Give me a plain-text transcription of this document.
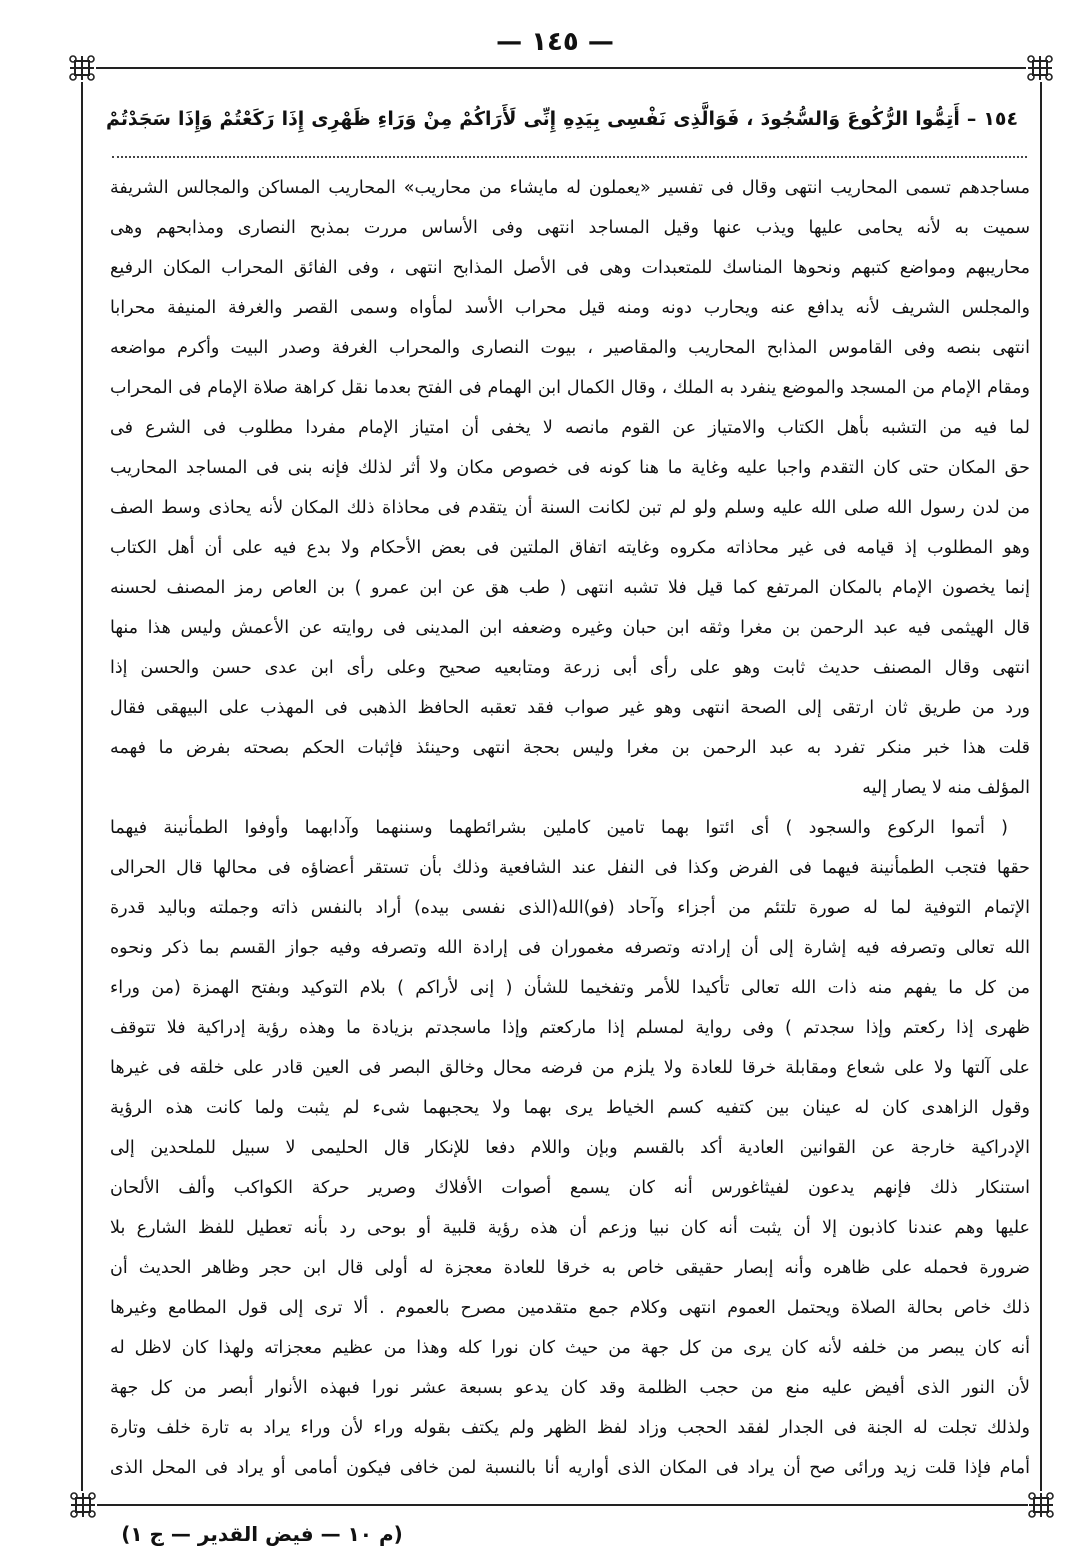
— ١٤٥ —
١٥٤ – أَتِمُّوا الرُّكُوعَ وَالسُّجُودَ ، فَوَالَّذِى نَفْسِى بِيَدِهِ إِنِّى لَأَرَاكُمْ مِنْ وَرَاءِ ظَهْرِى إِذَا رَكَعْتُمْ وَإِذَا سَجَدْتُمْ
مساجدهم تسمى المحاريب انتهى وقال فى تفسير «يعملون له مايشاء من محاريب» المحاريب المساكن والمجالس الشريفة
سميت به لأنه يحامى عليها ويذب عنها وقيل المساجد انتهى وفى الأساس مررت بمذبح النصارى ومذابحهم وهى
محاريبهم ومواضع كتبهم ونحوها المناسك للمتعبدات وهى فى الأصل المذابح انتهى ، وفى الفائق المحراب المكان الرفيع
والمجلس الشريف لأنه يدافع عنه ويحارب دونه ومنه قيل محراب الأسد لمأواه وسمى القصر والغرفة المنيفة محرابا
انتهى بنصه وفى القاموس المذابح المحاريب والمقاصير ، بيوت النصارى والمحراب الغرفة وصدر البيت وأكرم مواضعه
ومقام الإمام من المسجد والموضع ينفرد به الملك ، وقال الكمال ابن الهمام فى الفتح بعدما نقل كراهة صلاة الإمام فى المحراب
لما فيه من التشبه بأهل الكتاب والامتياز عن القوم مانصه لا يخفى أن امتياز الإمام مفردا مطلوب فى الشرع فى
حق المكان حتى كان التقدم واجبا عليه وغاية ما هنا كونه فى خصوص مكان ولا أثر لذلك فإنه بنى فى المساجد المحاريب
من لدن رسول الله صلى الله عليه وسلم ولو لم تبن لكانت السنة أن يتقدم فى محاذاة ذلك المكان لأنه يحاذى وسط الصف
وهو المطلوب إذ قيامه فى غير محاذاته مكروه وغايته اتفاق الملتين فى بعض الأحكام ولا بدع فيه على أن أهل الكتاب
إنما يخصون الإمام بالمكان المرتفع كما قيل فلا تشبه انتهى ( طب هق عن ابن عمرو ) بن العاص رمز المصنف لحسنه
قال الهيثمى فيه عبد الرحمن بن مغرا وثقه ابن حبان وغيره وضعفه ابن المدينى فى روايته عن الأعمش وليس هذا منها
انتهى وقال المصنف حديث ثابت وهو على رأى أبى زرعة ومتابعيه صحيح وعلى رأى ابن عدى حسن والحسن إذا
ورد من طريق ثان ارتقى إلى الصحة انتهى وهو غير صواب فقد تعقبه الحافظ الذهبى فى المهذب على البيهقى فقال
قلت هذا خبر منكر تفرد به عبد الرحمن بن مغرا وليس بحجة انتهى وحينئذ فإثبات الحكم بصحته بفرض ما فهمه
المؤلف منه لا يصار إليه
( أتموا الركوع والسجود ) أى ائتوا بهما تامين كاملين بشرائطهما وسننهما وآدابهما وأوفوا الطمأنينة فيهما
حقها فتجب الطمأنينة فيهما فى الفرض وكذا فى النفل عند الشافعية وذلك بأن تستقر أعضاؤه فى محالها قال الحرالى
الإتمام التوفية لما له صورة تلتئم من أجزاء وآحاد (فو)الله(الذى نفسى بيده) أراد بالنفس ذاته وجملته وباليد قدرة
الله تعالى وتصرفه فيه إشارة إلى أن إرادته وتصرفه مغموران فى إرادة الله وتصرفه وفيه جواز القسم بما ذكر ونحوه
من كل ما يفهم منه ذات الله تعالى تأكيدا للأمر وتفخيما للشأن ( إنى لأراكم ) بلام التوكيد وبفتح الهمزة (من وراء
ظهرى إذا ركعتم وإذا سجدتم ) وفى رواية لمسلم إذا ماركعتم وإذا ماسجدتم بزيادة ما وهذه رؤية إدراكية فلا تتوقف
على آلتها ولا على شعاع ومقابلة خرقا للعادة ولا يلزم من فرضه محال وخالق البصر فى العين قادر على خلقه فى غيرها
وقول الزاهدى كان له عينان بين كتفيه كسم الخياط يرى بهما ولا يحجبهما شىء لم يثبت ولما كانت هذه الرؤية
الإدراكية خارجة عن القوانين العادية أكد بالقسم وبإن واللام دفعا للإنكار قال الحليمى لا سبيل للملحدين إلى
استنكار ذلك فإنهم يدعون لفيثاغورس أنه كان يسمع أصوات الأفلاك وصرير حركة الكواكب وألف الألحان
عليها وهم عندنا كاذبون إلا أن يثبت أنه كان نبيا وزعم أن هذه رؤية قلبية أو بوحى رد بأنه تعطيل للفظ الشارع بلا
ضرورة فحمله على ظاهره وأنه إبصار حقيقى خاص به خرقا للعادة معجزة له أولى قال ابن حجر وظاهر الحديث أن
ذلك خاص بحالة الصلاة ويحتمل العموم انتهى وكلام جمع متقدمين مصرح بالعموم . ألا ترى إلى قول المطامع وغيرها
أنه كان يبصر من خلفه لأنه كان يرى من كل جهة من حيث كان نورا كله وهذا من عظيم معجزاته ولهذا كان لاظل له
لأن النور الذى أفيض عليه منع من حجب الظلمة وقد كان يدعو بسبعة عشر نورا فبهذه الأنوار أبصر من كل جهة
ولذلك تجلت له الجنة فى الجدار لفقد الحجب وزاد لفظ الظهر ولم يكتف بقوله وراء لأن وراء يراد به تارة خلف وتارة
أمام فإذا قلت زيد ورائى صح أن يراد فى المكان الذى أواريه أنا بالنسبة لمن خافى فيكون أمامى أو يراد فى المحل الذى
(م ١٠ — فيض القدير — ج ١)
